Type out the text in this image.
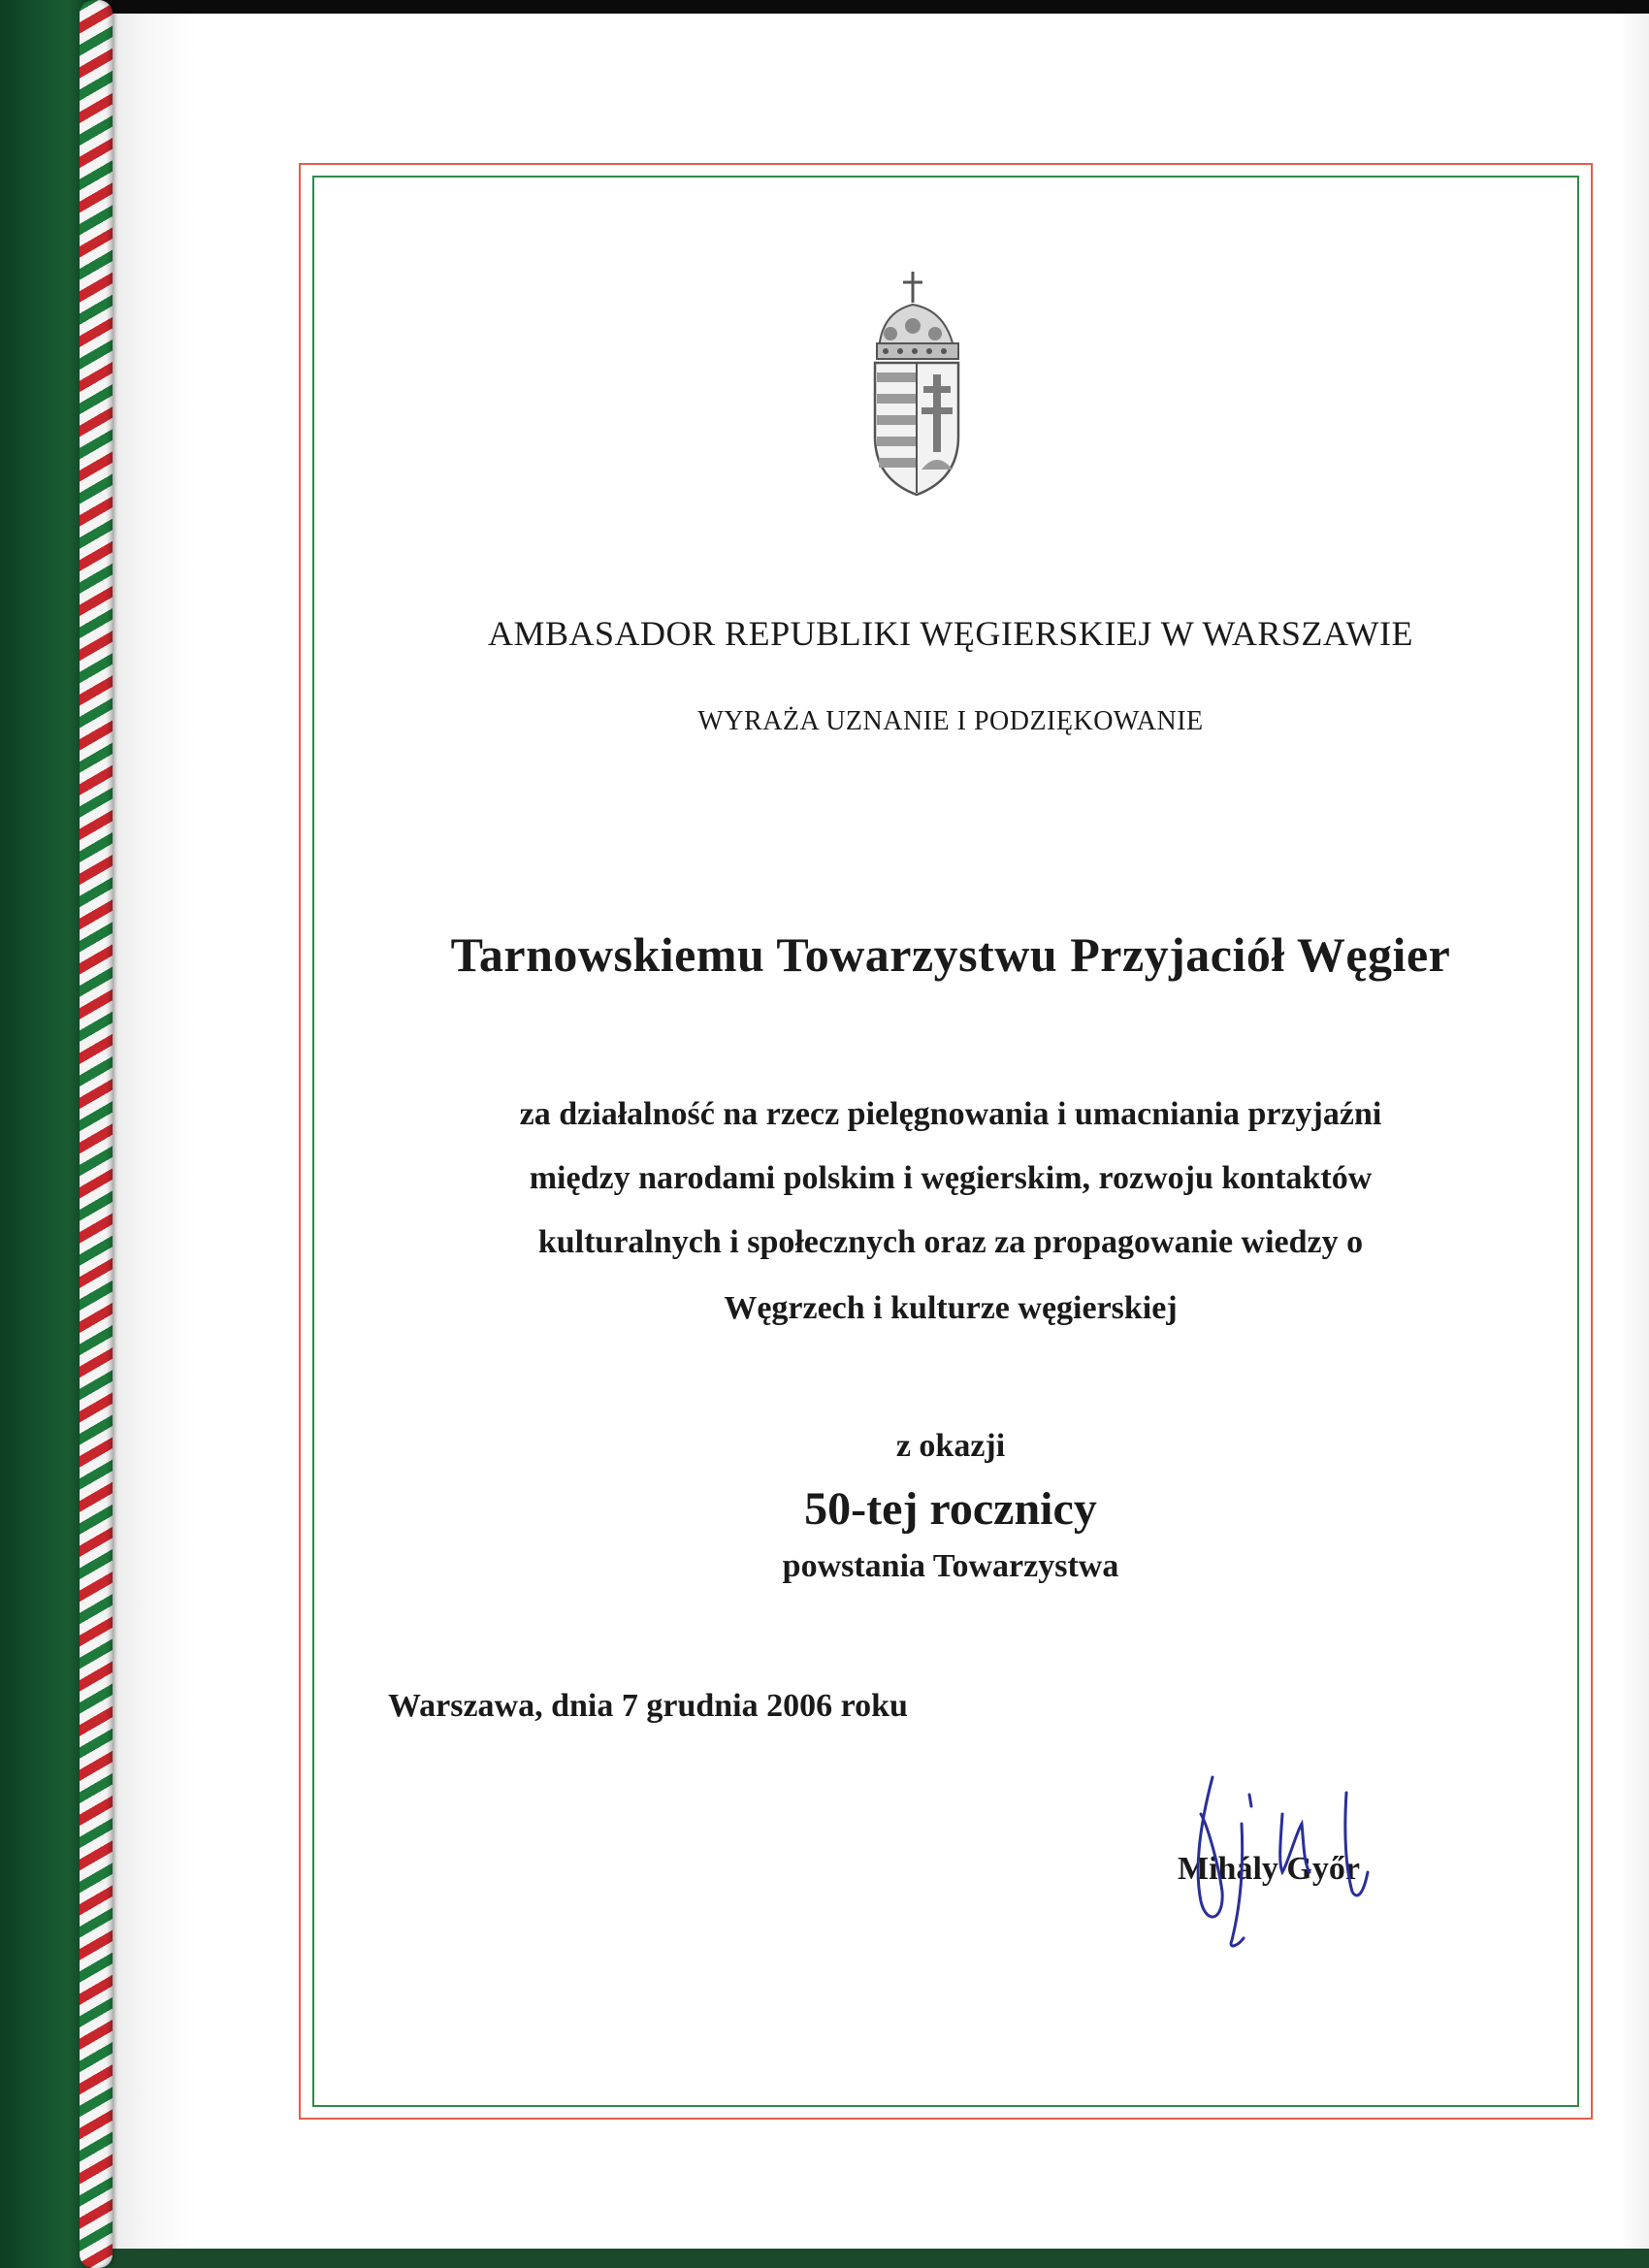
AMBASADOR REPUBLIKI WĘGIERSKIEJ W WARSZAWIE
WYRAŻA UZNANIE I PODZIĘKOWANIE
Tarnowskiemu Towarzystwu Przyjaciół Węgier
za działalność na rzecz pielęgnowania i umacniania przyjaźni
między narodami polskim i węgierskim, rozwoju kontaktów
kulturalnych i społecznych oraz za propagowanie wiedzy o
Węgrzech i kulturze węgierskiej
z okazji
50-tej rocznicy
powstania Towarzystwa
Warszawa, dnia 7 grudnia 2006 roku
Mihály Győr
